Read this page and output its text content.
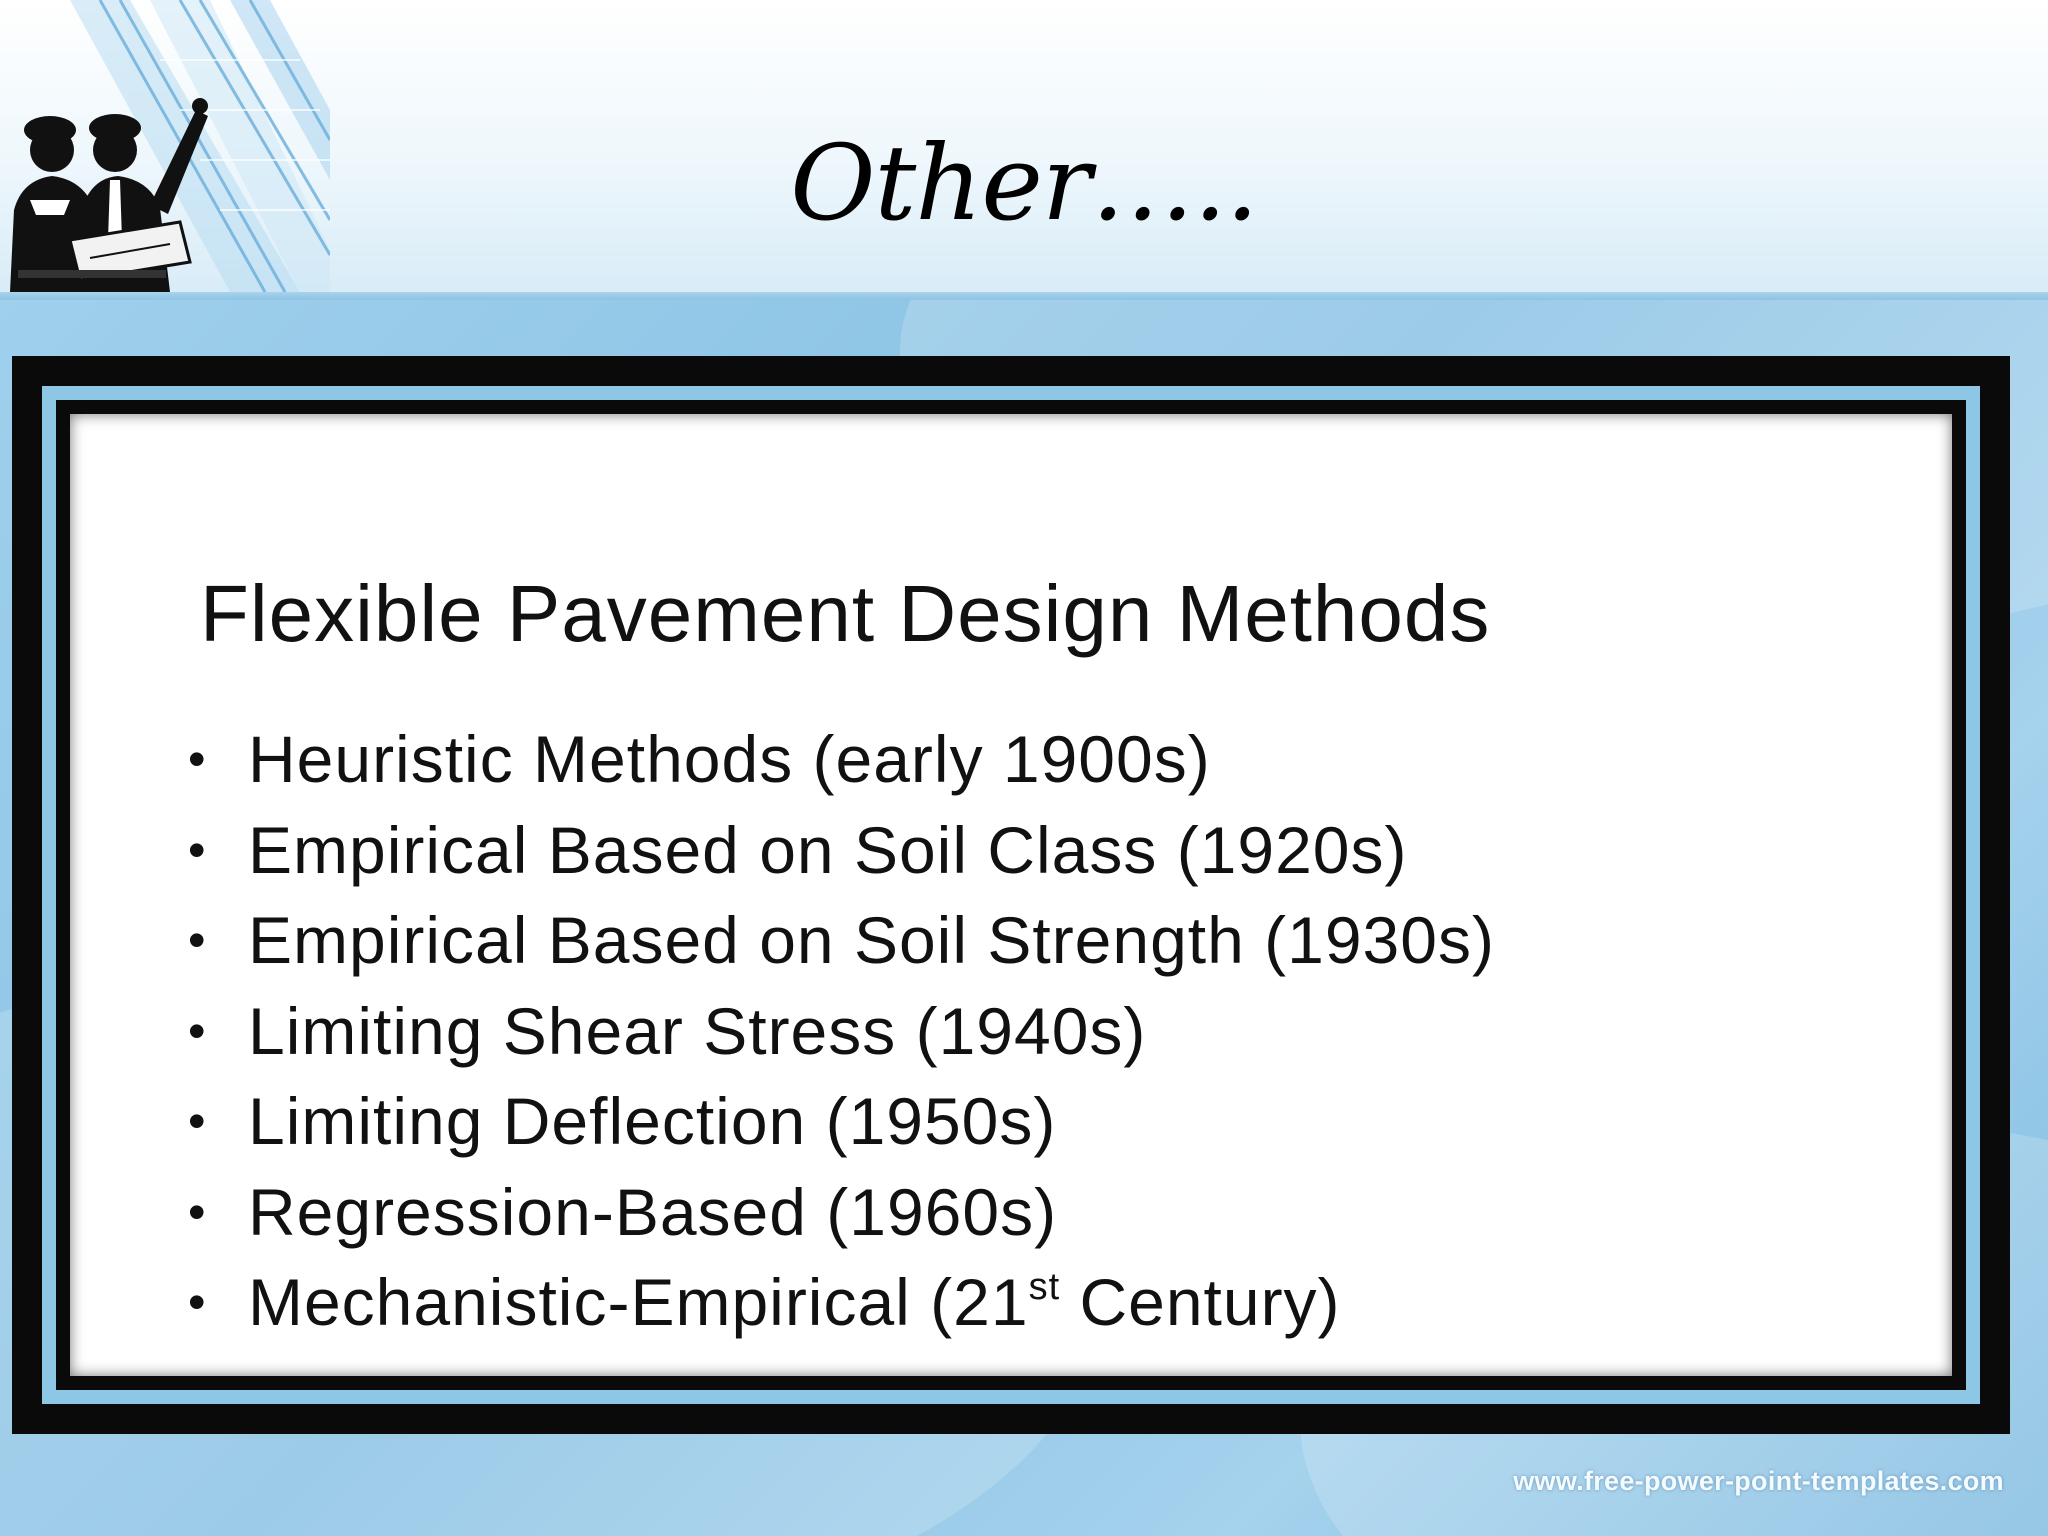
Other…..
Flexible Pavement Design Methods
• Heuristic Methods (early 1900s)
• Empirical Based on Soil Class (1920s)
• Empirical Based on Soil Strength (1930s)
• Limiting Shear Stress (1940s)
• Limiting Deflection (1950s)
• Regression-Based (1960s)
• Mechanistic-Empirical (21st Century)
www.free-power-point-templates.com
